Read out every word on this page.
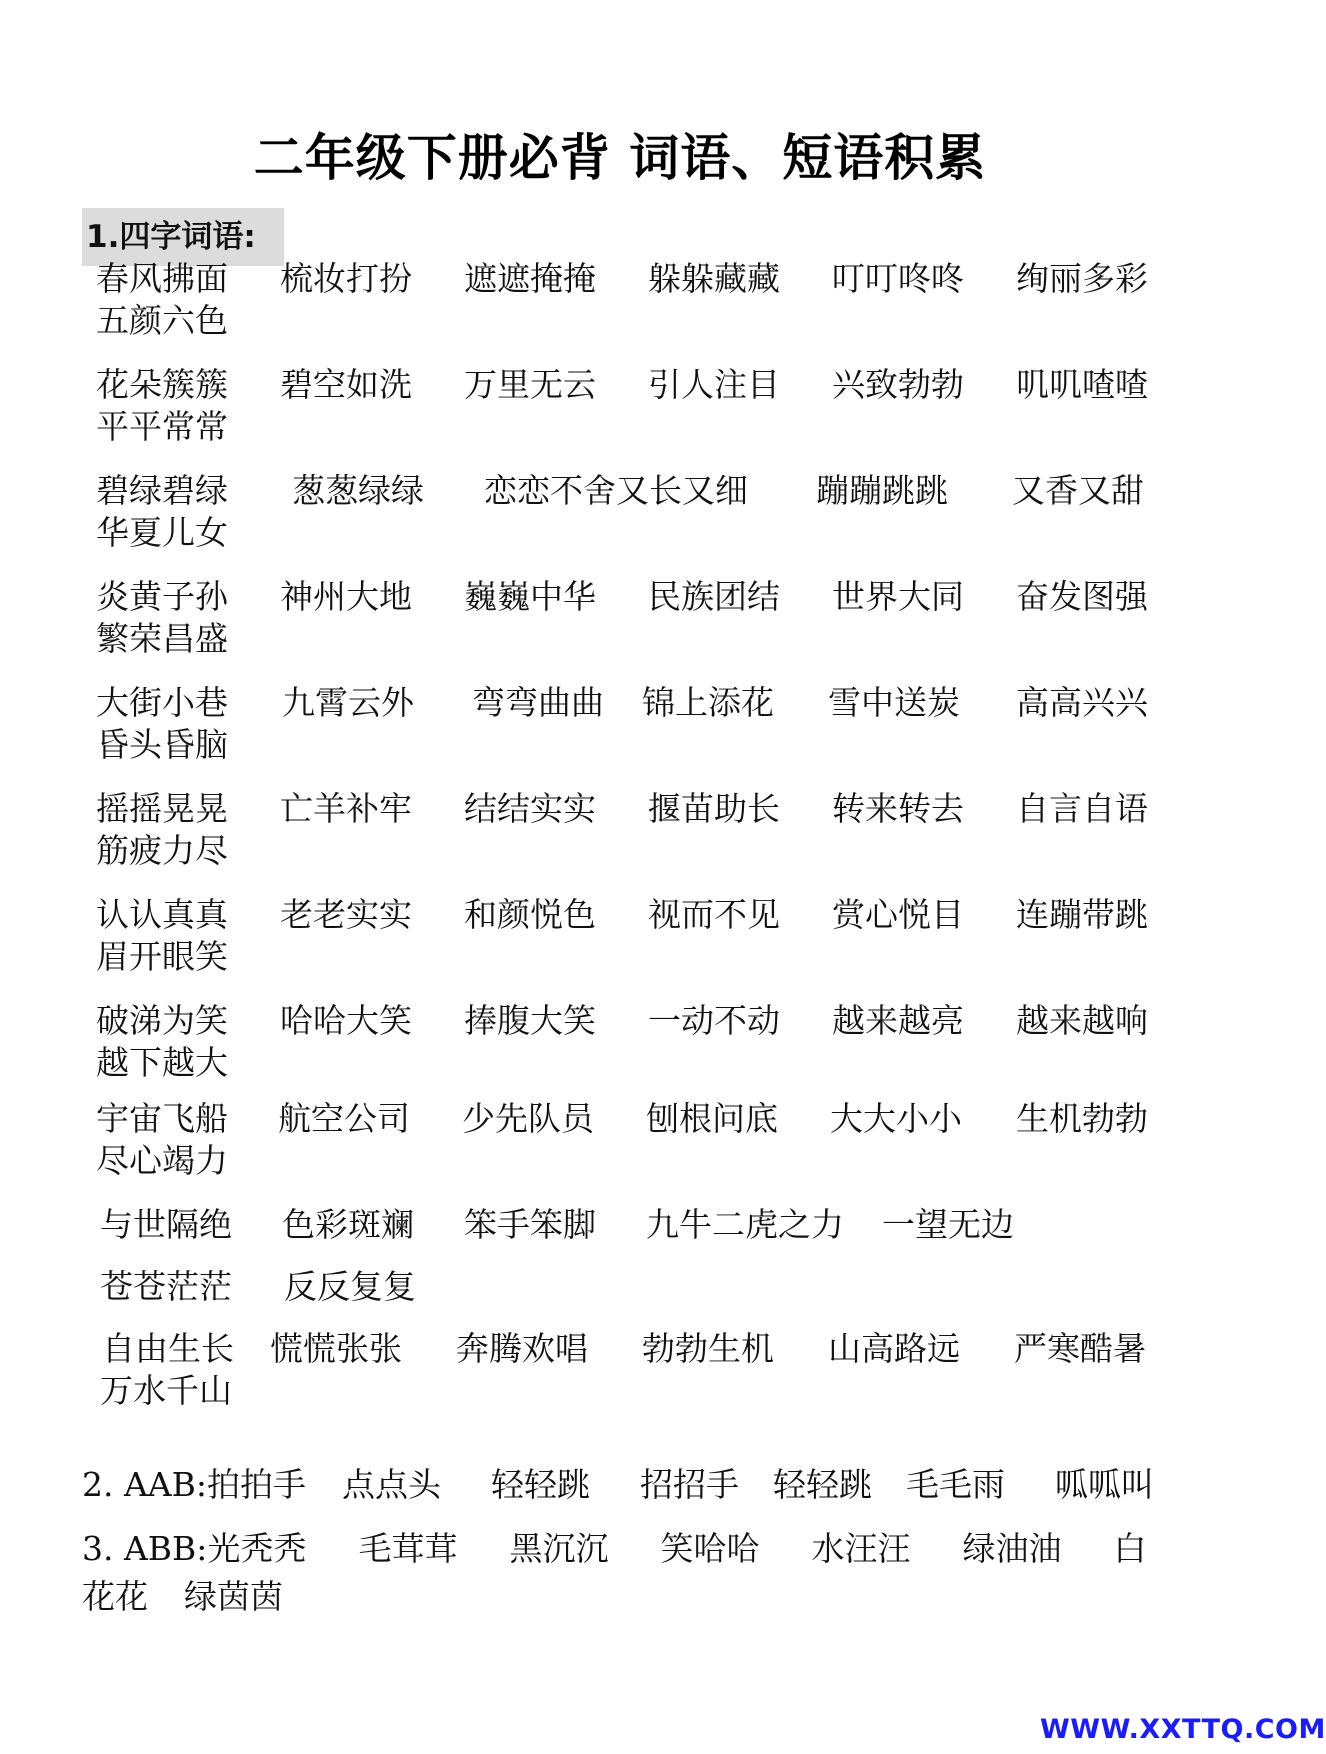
二年级下册必背 词语、短语积累
1.四字词语:
春风拂面 梳妆打扮 遮遮掩掩 躲躲藏藏 叮叮咚咚 绚丽多彩
五颜六色
花朵簇簇 碧空如洗 万里无云 引人注目 兴致勃勃 叽叽喳喳
平平常常
碧绿碧绿 葱葱绿绿 恋恋不舍又长又细 蹦蹦跳跳 又香又甜
华夏儿女
炎黄子孙 神州大地 巍巍中华 民族团结 世界大同 奋发图强
繁荣昌盛
大街小巷 九霄云外 弯弯曲曲 锦上添花 雪中送炭 高高兴兴
昏头昏脑
摇摇晃晃 亡羊补牢 结结实实 揠苗助长 转来转去 自言自语
筋疲力尽
认认真真 老老实实 和颜悦色 视而不见 赏心悦目 连蹦带跳
眉开眼笑
破涕为笑 哈哈大笑 捧腹大笑 一动不动 越来越亮 越来越响
越下越大
宇宙飞船 航空公司 少先队员 刨根问底 大大小小 生机勃勃
尽心竭力
与世隔绝 色彩斑斓 笨手笨脚 九牛二虎之力 一望无边
苍苍茫茫 反反复复
自由生长 慌慌张张 奔腾欢唱 勃勃生机 山高路远 严寒酷暑
万水千山
2. AAB:拍拍手 点点头 轻轻跳 招招手 轻轻跳 毛毛雨 呱呱叫
3. ABB:光秃秃 毛茸茸 黑沉沉 笑哈哈 水汪汪 绿油油 白
花花 绿茵茵
WWW.XXTTQ.COM
